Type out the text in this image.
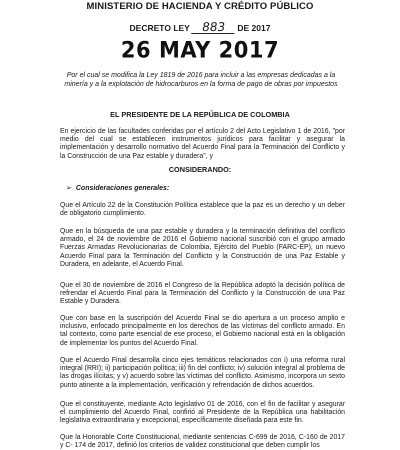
MINISTERIO DE HACIENDA Y CRÉDITO PÚBLICO
DECRETO LEY 883 DE 2017
26 MAY 2017
Por el cual se modifica la Ley 1819 de 2016 para incluir a las empresas dedicadas a la minería y a la explotación de hidrocarburos en la forma de pago de obras por impuestos
EL PRESIDENTE DE LA REPÚBLICA DE COLOMBIA
En ejercicio de las facultades conferidas por el artículo 2 del Acto Legislativo 1 de 2016, "por medio del cual se establecen instrumentos jurídicos para facilitar y asegurar la implementación y desarrollo normativo del Acuerdo Final para la Terminación del Conflicto y la Construcción de una Paz estable y duradera", y
CONSIDERANDO:
➢ Consideraciones generales:
Que el Artículo 22 de la Constitución Política establece que la paz es un derecho y un deber de obligatorio cumplimiento.
Que en la búsqueda de una paz estable y duradera y la terminación definitiva del conflicto armado, el 24 de noviembre de 2016 el Gobierno nacional suscribió con el grupo armado Fuerzas Armadas Revolucionarias de Colombia, Ejército del Pueblo (FARC-EP), un nuevo Acuerdo Final para la Terminación del Conflicto y la Construcción de una Paz Estable y Duradera, en adelante, el Acuerdo Final.
Que el 30 de noviembre de 2016 el Congreso de la República adoptó la decisión política de refrendar el Acuerdo Final para la Terminación del Conflicto y la Construcción de una Paz Estable y Duradera.
Que con base en la suscripción del Acuerdo Final se dio apertura a un proceso amplio e inclusivo, enfocado principalmente en los derechos de las víctimas del conflicto armado. En tal contexto, como parte esencial de ese proceso, el Gobierno nacional está en la obligación de implementar los puntos del Acuerdo Final.
Que el Acuerdo Final desarrolla cinco ejes temáticos relacionados con i) una reforma rural integral (RRI); ii) participación política; iii) fin del conflicto; iv) solución integral al problema de las drogas ilícitas; y v) acuerdo sobre las víctimas del conflicto. Asimismo, incorpora un sexto punto atinente a la implementación, verificación y refrendación de dichos acuerdos.
Que el constituyente, mediante Acto legislativo 01 de 2016, con el fin de facilitar y asegurar el cumplimiento del Acuerdo Final, confirió al Presidente de la República una habilitación legislativa extraordinaria y excepcional, específicamente diseñada para este fin.
Que la Honorable Corte Constitucional, mediante sentencias C-699 de 2016, C-160 de 2017 y C- 174 de 2017, definió los criterios de validez constitucional que deben cumplir los
